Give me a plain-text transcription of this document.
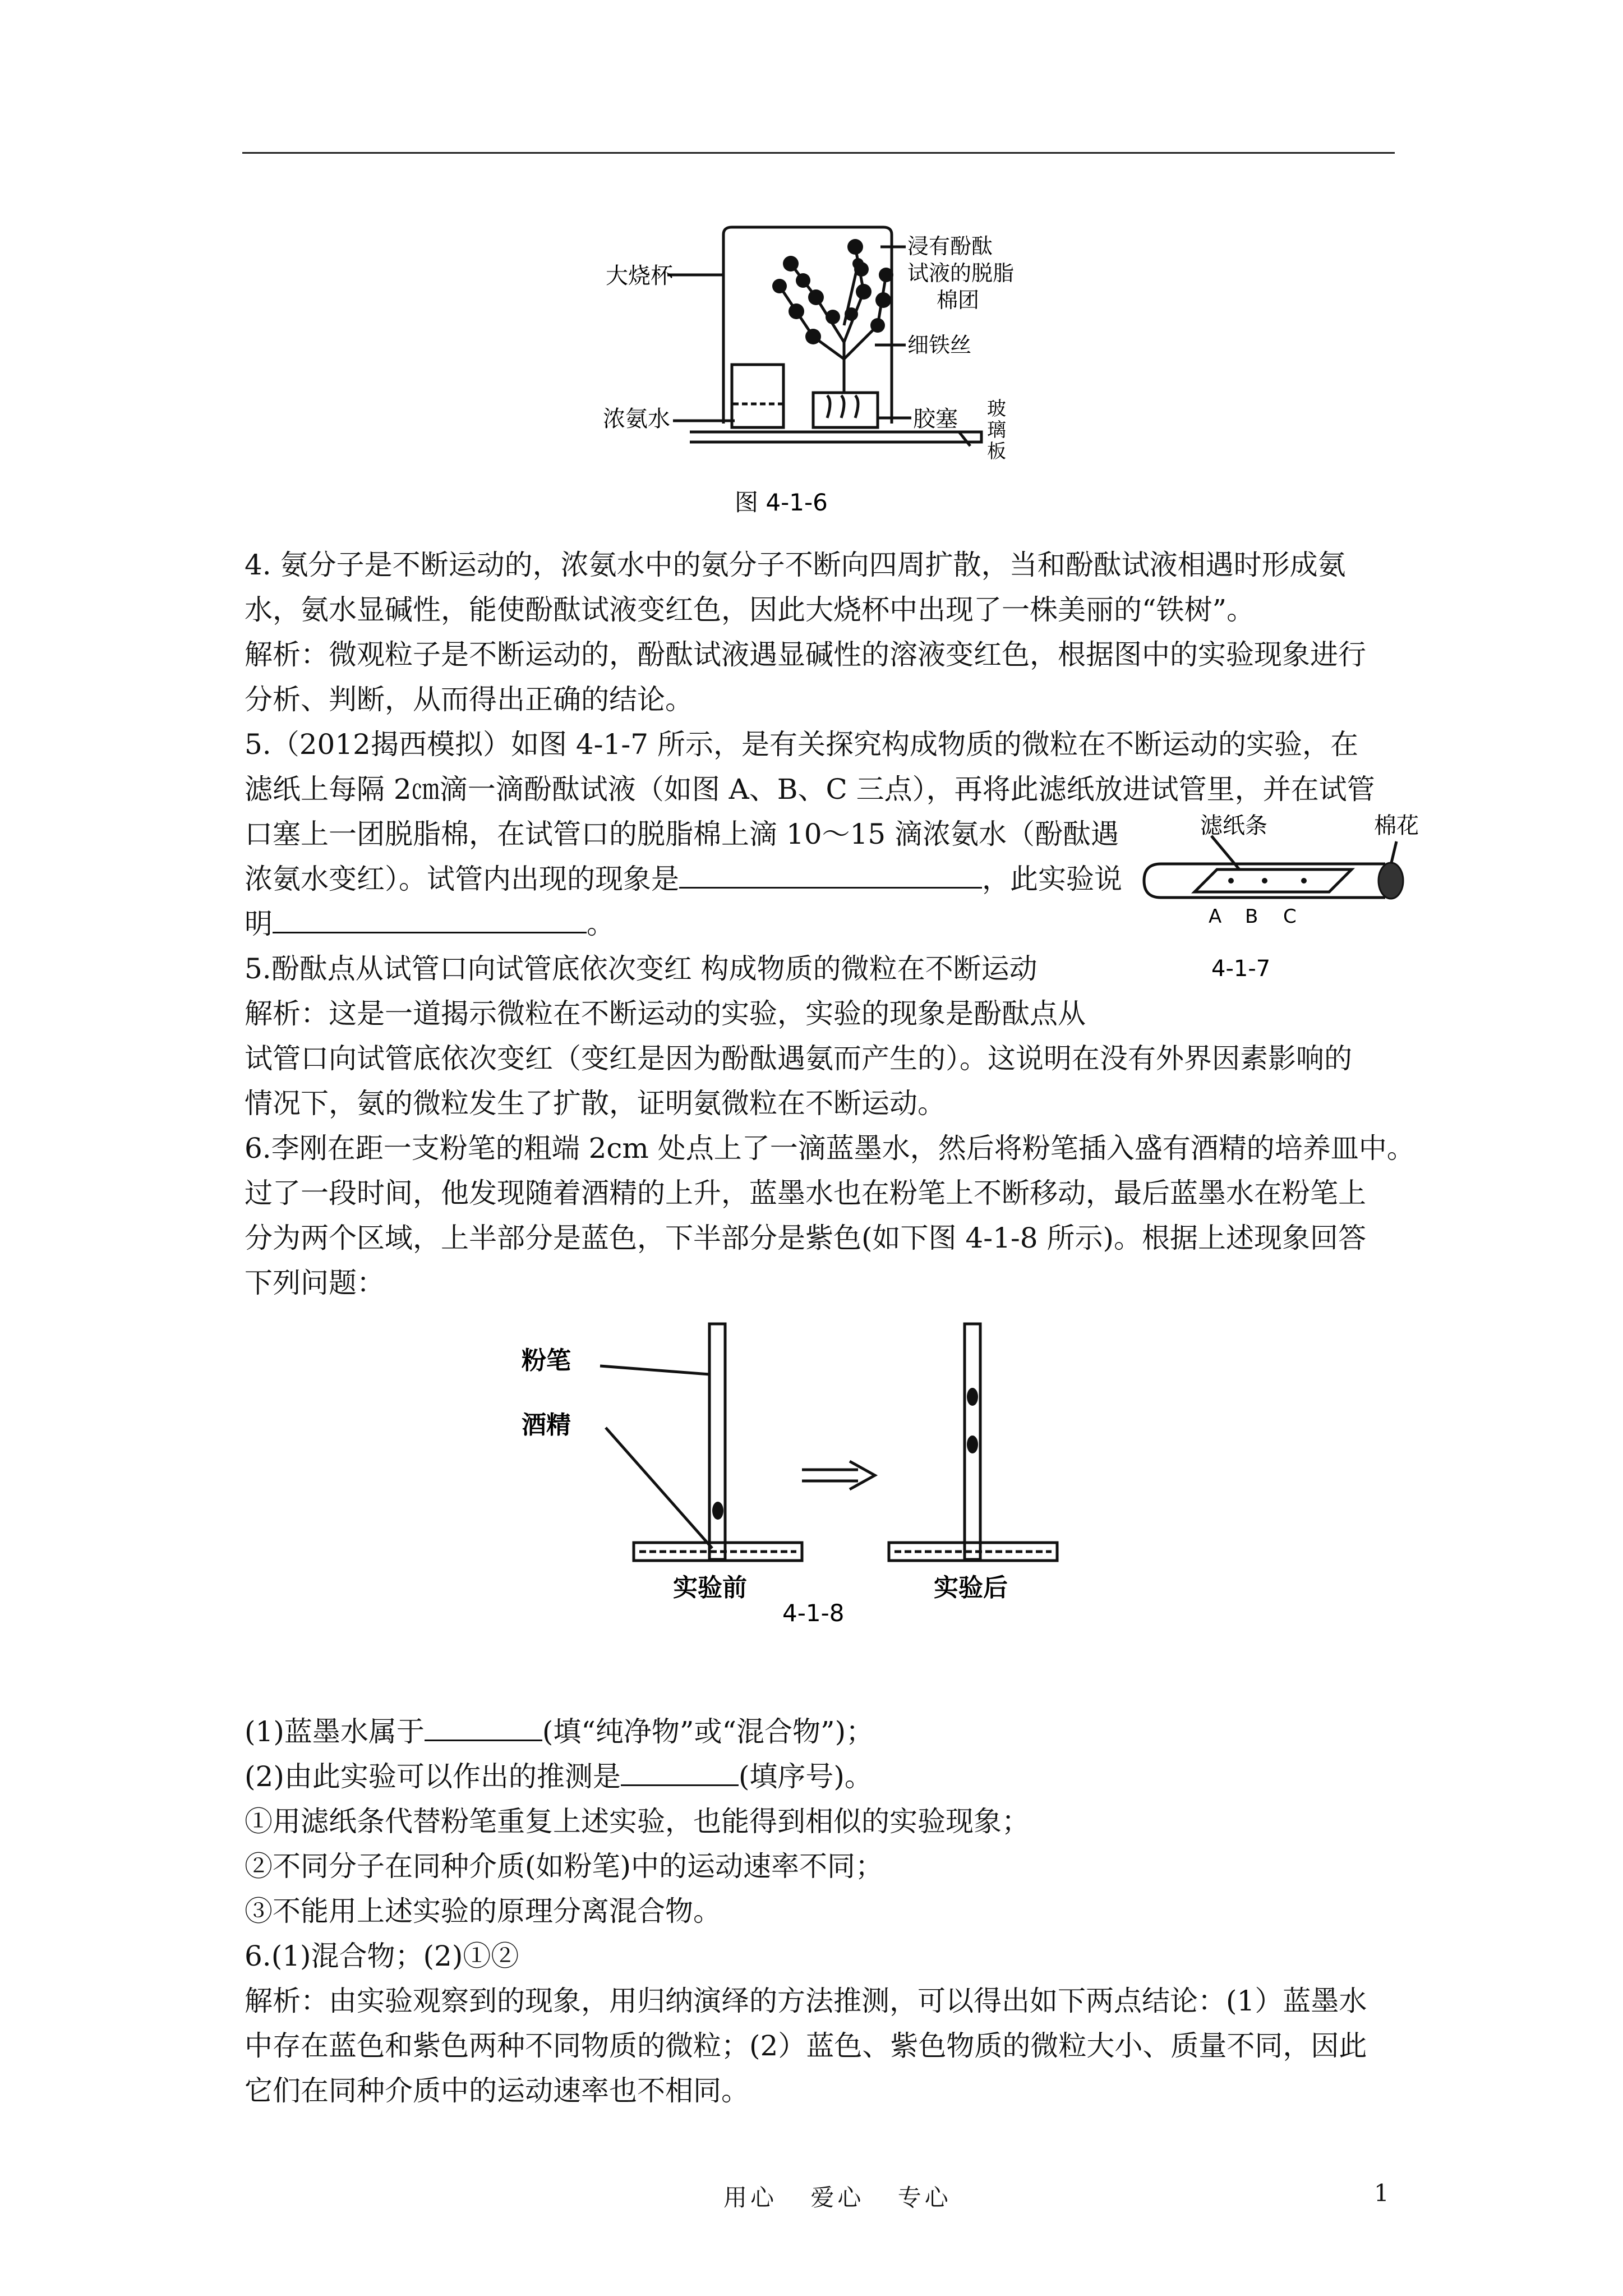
大烧杯
浸有酚酞
试液的脱脂
棉团
细铁丝
浓氨水	胶塞 玻
璃
板
图 4-1-6
4. 氨分子是不断运动的，浓氨水中的氨分子不断向四周扩散，当和酚酞试液相遇时形成氨
水，氨水显碱性，能使酚酞试液变红色，因此大烧杯中出现了一株美丽的“铁树”。
解析：微观粒子是不断运动的，酚酞试液遇显碱性的溶液变红色，根据图中的实验现象进行
分析、判断，从而得出正确的结论。
5.（2012揭西模拟）如图 4-1-7 所示，是有关探究构成物质的微粒在不断运动的实验，在
滤纸上每隔 2㎝滴一滴酚酞试液（如图 A、B、C 三点），再将此滤纸放进试管里，并在试管
口塞上一团脱脂棉，在试管口的脱脂棉上滴 10～15 滴浓氨水（酚酞遇
浓氨水变红）。试管内出现的现象是	，此实验说
明	。
5.酚酞点从试管口向试管底依次变红 构成物质的微粒在不断运动
解析：这是一道揭示微粒在不断运动的实验，实验的现象是酚酞点从
试管口向试管底依次变红（变红是因为酚酞遇氨而产生的）。这说明在没有外界因素影响的
情况下，氨的微粒发生了扩散，证明氨微粒在不断运动。
滤纸条	棉花
A B C
4-1-7
6.李刚在距一支粉笔的粗端 2cm 处点上了一滴蓝墨水，然后将粉笔插入盛有酒精的培养皿中。
过了一段时间，他发现随着酒精的上升，蓝墨水也在粉笔上不断移动，最后蓝墨水在粉笔上
分为两个区域，上半部分是蓝色，下半部分是紫色(如下图 4-1-8 所示)。根据上述现象回答
下列问题：
粉笔
酒精
实验前	实验后
4-1-8
(1)蓝墨水属于	(填“纯净物”或“混合物”)；
(2)由此实验可以作出的推测是	(填序号)。
①用滤纸条代替粉笔重复上述实验，也能得到相似的实验现象；
②不同分子在同种介质(如粉笔)中的运动速率不同；
③不能用上述实验的原理分离混合物。
6.(1)混合物；(2)①②
解析：由实验观察到的现象，用归纳演绎的方法推测，可以得出如下两点结论：(1）蓝墨水
中存在蓝色和紫色两种不同物质的微粒；(2）蓝色、紫色物质的微粒大小、质量不同，因此
它们在同种介质中的运动速率也不相同。
用心 爱心 专心	1
